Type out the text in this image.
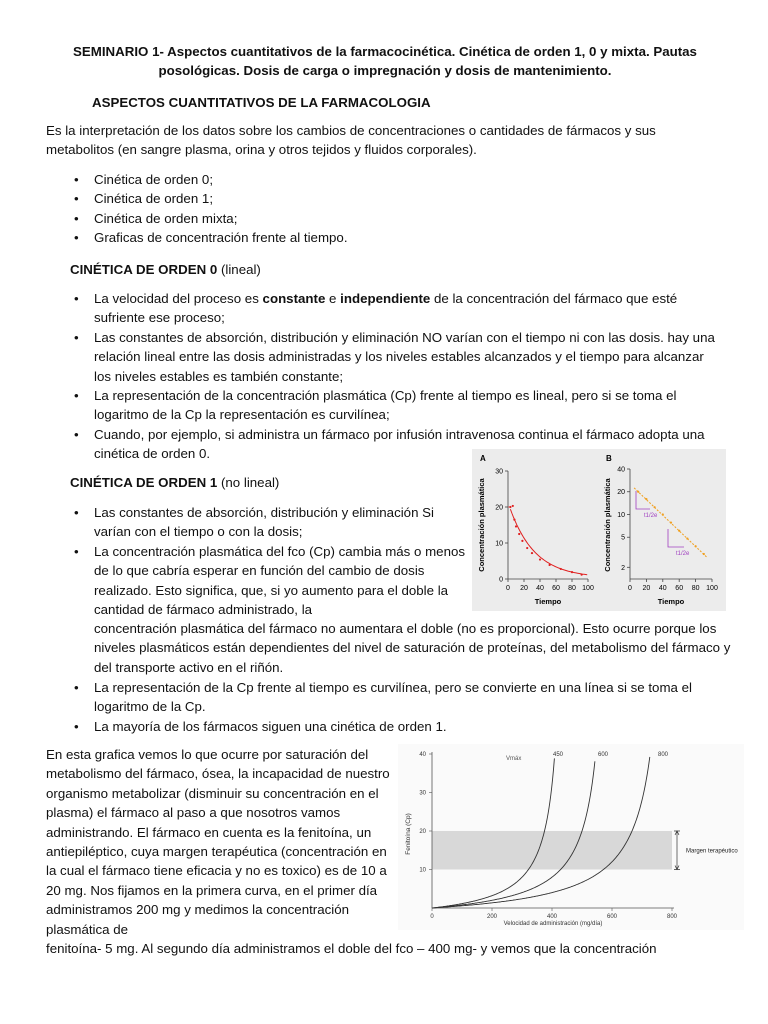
SEMINARIO 1- Aspectos cuantitativos de la farmacocinética. Cinética de orden 1, 0 y mixta. Pautas posológicas. Dosis de carga o impregnación y dosis de mantenimiento.
ASPECTOS CUANTITATIVOS DE LA FARMACOLOGIA

Es la interpretación de los datos sobre los cambios de concentraciones o cantidades de fármacos y sus metabolitos (en sangre plasma, orina y otros tejidos y fluidos corporales).

• Cinética de orden 0;
• Cinética de orden 1;
• Cinética de orden mixta;
• Graficas de concentración frente al tiempo.
CINÉTICA DE ORDEN 0 (lineal)
• La velocidad del proceso es constante e independiente de la concentración del fármaco que esté sufriente ese proceso;
• Las constantes de absorción, distribución y eliminación NO varían con el tiempo ni con las dosis. hay una relación lineal entre las dosis administradas y los niveles estables alcanzados y el tiempo para alcanzar los niveles estables es también constante;
• La representación de la concentración plasmática (Cp) frente al tiempo es lineal, pero si se toma el logaritmo de la Cp la representación es curvilínea;
• Cuando, por ejemplo, si administra un fármaco por infusión intravenosa continua el fármaco adopta una cinética de orden 0.
CINÉTICA DE ORDEN 1 (no lineal)
• Las constantes de absorción, distribución y eliminación Si varían con el tiempo o con la dosis;
• La concentración plasmática del fco (Cp) cambia más o menos de lo que cabría esperar en función del cambio de dosis realizado. Esto significa, que, si yo aumento para el doble la cantidad de fármaco administrado, la

concentración plasmática del fármaco no aumentara el doble (no es proporcional). Esto ocurre porque los niveles plasmáticos están dependientes del nivel de saturación de proteínas, del metabolismo del fármaco y del transporte activo en el riñón.

• La representación de la Cp frente al tiempo es curvilínea, pero se convierte en una línea si se toma el logaritmo de la Cp.
• La mayoría de los fármacos siguen una cinética de orden 1.

En esta grafica vemos lo que ocurre por saturación del metabolismo del fármaco, ósea, la incapacidad de nuestro organismo metabolizar (disminuir su concentración en el plasma) el fármaco al paso a que nosotros vamos administrando. El fármaco en cuenta es la fenitoína, un antiepiléptico, cuya margen terapéutica (concentración en la cual el fármaco tiene eficacia y no es toxico) es de 10 a 20 mg. Nos fijamos en la primera curva, en el primer día administramos 200 mg y medimos la concentración plasmática de

fenitoína- 5 mg. Al segundo día administramos el doble del fco – 400 mg- y vemos que la concentración

A
0
10
20
30
0 20 40 60 80 100
Concentración plasmática
Tiempo
B
2
5
10
20
40
0 20 40 60 80 100
Concentración plasmática
Tiempo
t1/2e
t1/2e
10
20
30
40
0	200	400	600	800
Fenitoína (Cp)
Velocidad de administración (mg/día)
Vmáx
450	600	800
Margen terapéutico
